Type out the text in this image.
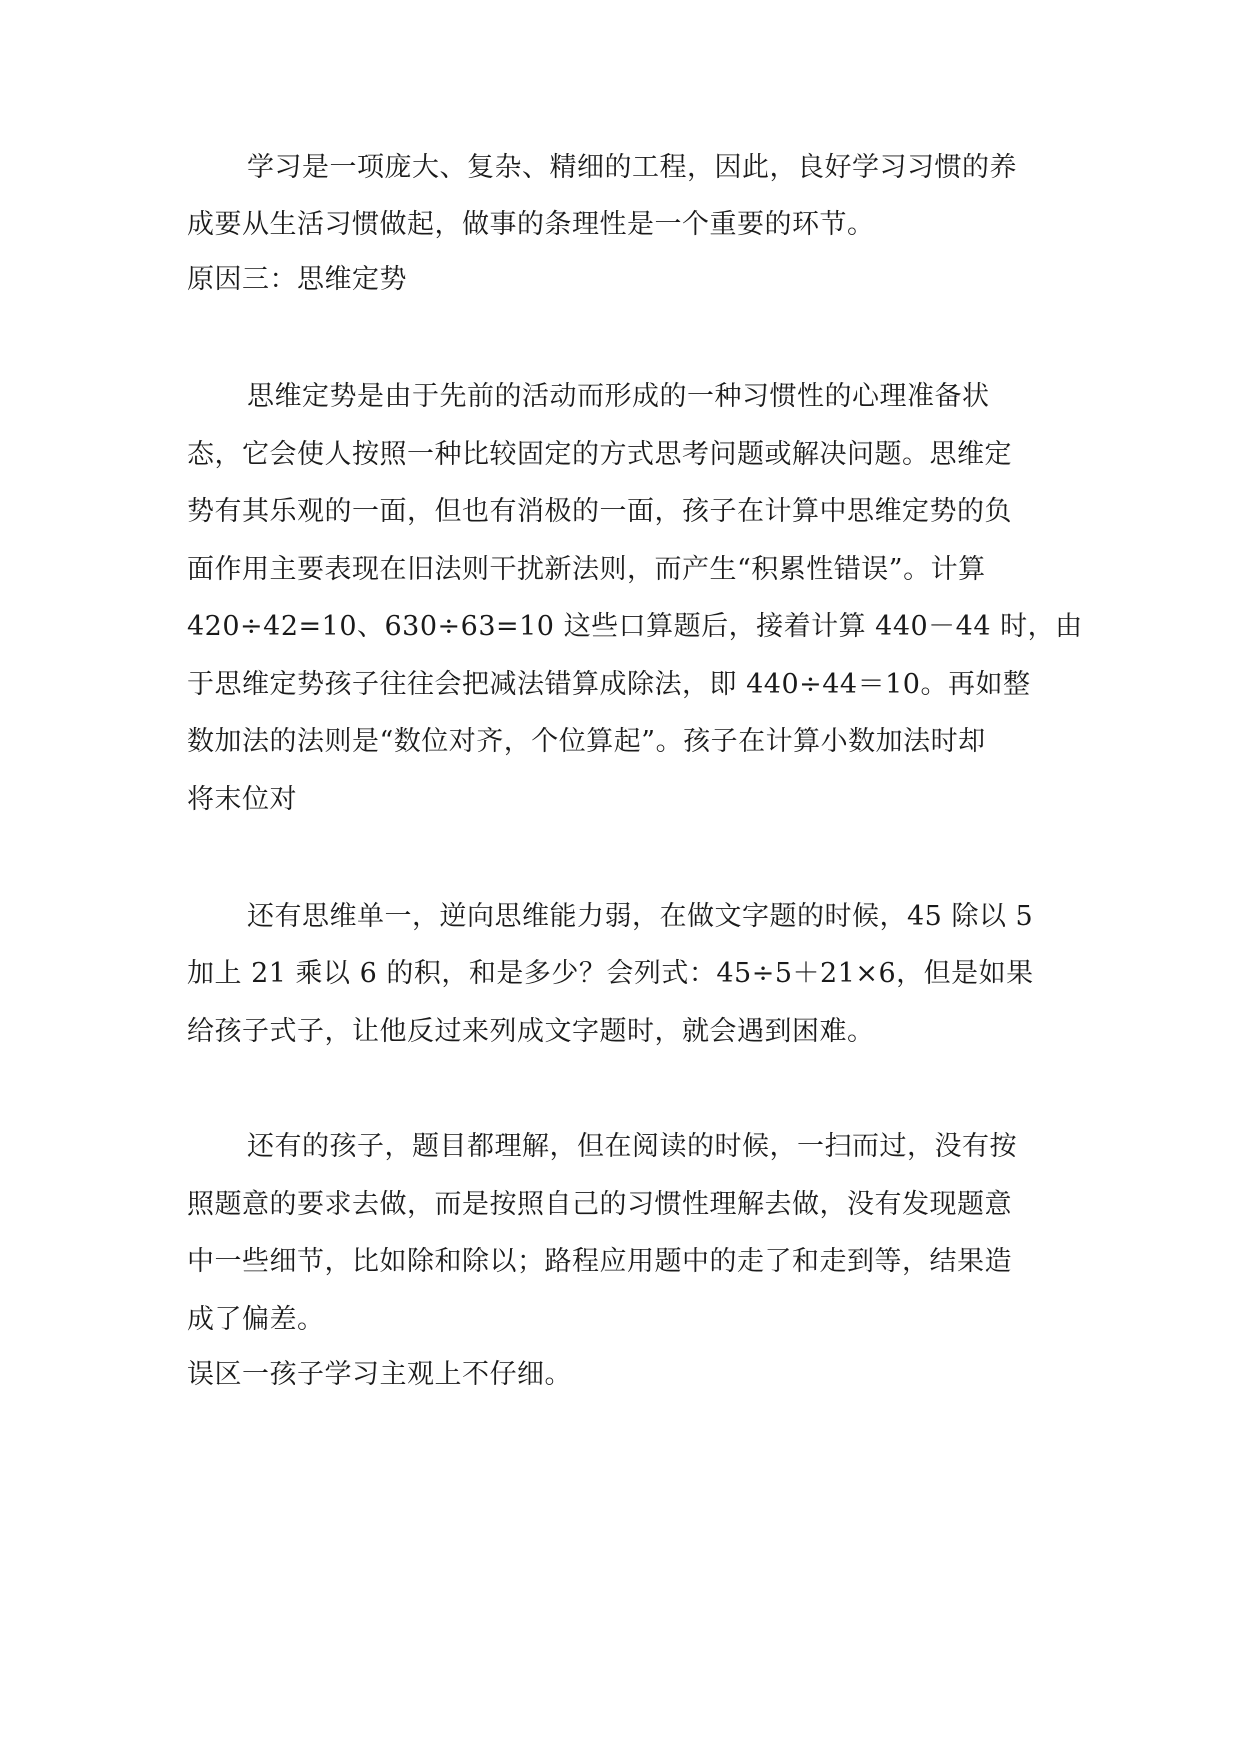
学习是一项庞大、复杂、精细的工程，因此，良好学习习惯的养
成要从生活习惯做起，做事的条理性是一个重要的环节。
原因三：思维定势
思维定势是由于先前的活动而形成的一种习惯性的心理准备状
态，它会使人按照一种比较固定的方式思考问题或解决问题。思维定
势有其乐观的一面，但也有消极的一面，孩子在计算中思维定势的负
面作用主要表现在旧法则干扰新法则，而产生“积累性错误”。计算
420÷42=10、630÷63=10 这些口算题后，接着计算 440－44 时，由
于思维定势孩子往往会把减法错算成除法，即 440÷44＝10。再如整
数加法的法则是“数位对齐，个位算起”。孩子在计算小数加法时却
将末位对
还有思维单一，逆向思维能力弱，在做文字题的时候，45 除以 5
加上 21 乘以 6 的积，和是多少？会列式：45÷5＋21×6，但是如果
给孩子式子，让他反过来列成文字题时，就会遇到困难。
还有的孩子，题目都理解，但在阅读的时候，一扫而过，没有按
照题意的要求去做，而是按照自己的习惯性理解去做，没有发现题意
中一些细节，比如除和除以；路程应用题中的走了和走到等，结果造
成了偏差。
误区一孩子学习主观上不仔细。
